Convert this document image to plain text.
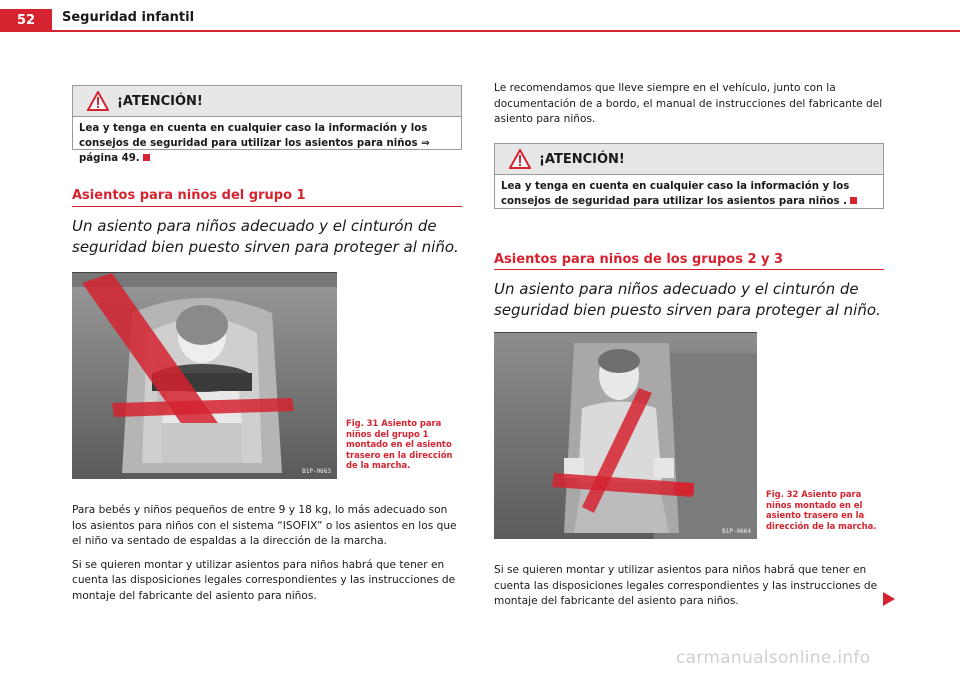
52	Seguridad infantil
¡ATENCIÓN!
Lea y tenga en cuenta en cualquier caso la información y los consejos de seguridad para utilizar los asientos para niños ⇒ página 49.
Asientos para niños del grupo 1
Un asiento para niños adecuado y el cinturón de seguridad bien puesto sirven para proteger al niño.
B1P-0663
Fig. 31 Asiento para niños del grupo 1 montado en el asiento trasero en la dirección de la marcha.

Para bebés y niños pequeños de entre 9 y 18 kg, lo más adecuado son los asientos para niños con el sistema “ISOFIX” o los asientos en los que el niño va sentado de espaldas a la dirección de la marcha.

Si se quieren montar y utilizar asientos para niños habrá que tener en cuenta las disposiciones legales correspondientes y las instrucciones de montaje del fabricante del asiento para niños.

Le recomendamos que lleve siempre en el vehículo, junto con la documentación de a bordo, el manual de instrucciones del fabricante del asiento para niños.

¡ATENCIÓN!
Lea y tenga en cuenta en cualquier caso la información y los consejos de seguridad para utilizar los asientos para niños .
Asientos para niños de los grupos 2 y 3
Un asiento para niños adecuado y el cinturón de seguridad bien puesto sirven para proteger al niño.
B1P-0664
Fig. 32 Asiento para niños montado en el asiento trasero en la dirección de la marcha.

Si se quieren montar y utilizar asientos para niños habrá que tener en cuenta las disposiciones legales correspondientes y las instrucciones de montaje del fabricante del asiento para niños.

carmanualsonline.info
